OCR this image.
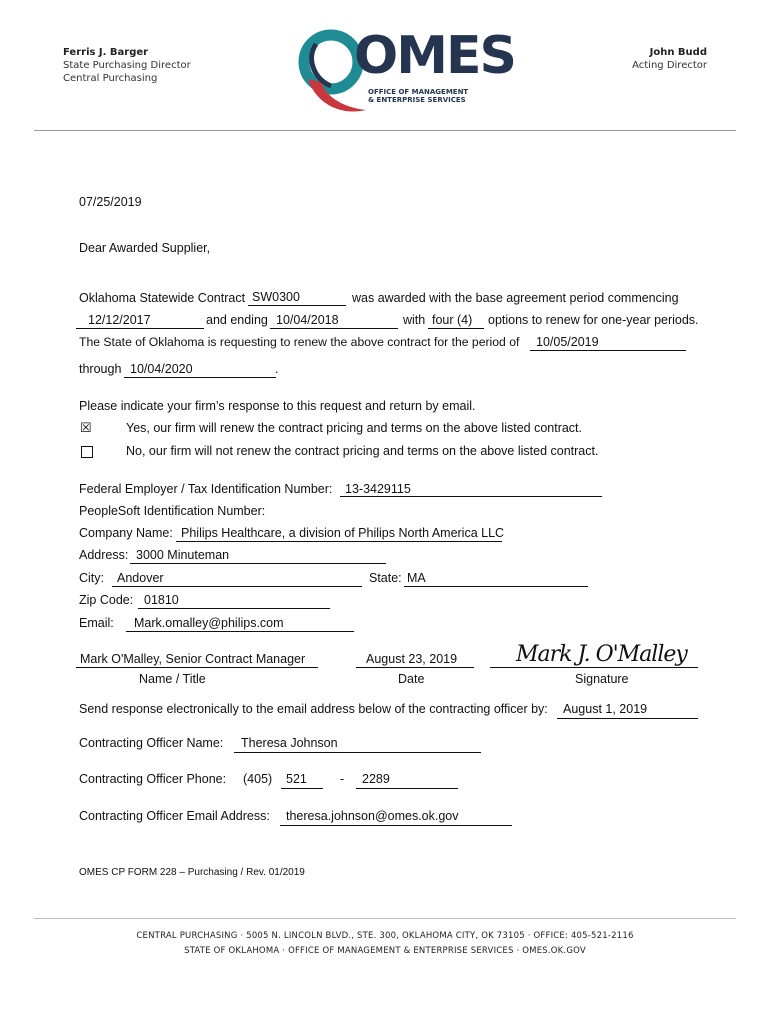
Ferris J. Barger
State Purchasing Director
Central Purchasing
John Budd
Acting Director
OMES
OFFICE OF MANAGEMENT
& ENTERPRISE SERVICES
07/25/2019
Dear Awarded Supplier,
Oklahoma Statewide Contract SW0300	was awarded with the base agreement period commencing
12/12/2017	and ending 10/04/2018	with four (4) options to renew for one-year periods.
The State of Oklahoma is requesting to renew the above contract for the period of 10/05/2019
through 10/04/2020	.
Please indicate your firm’s response to this request and return by email.
☒	Yes, our firm will renew the contract pricing and terms on the above listed contract.
No, our firm will not renew the contract pricing and terms on the above listed contract.
Federal Employer / Tax Identification Number: 13-3429115
PeopleSoft Identification Number:
Company Name: Philips Healthcare, a division of Philips North America LLC
Address: 3000 Minuteman
City: Andover	State: MA
Zip Code: 01810
Email: Mark.omalley@philips.com
Mark O'Malley, Senior Contract Manager
Name / Title
August 23, 2019
Date
Mark J. O'Malley
Signature
Send response electronically to the email address below of the contracting officer by: August 1, 2019
Contracting Officer Name: Theresa Johnson
Contracting Officer Phone: (405) 521	- 2289
Contracting Officer Email Address: theresa.johnson@omes.ok.gov
OMES CP FORM 228 – Purchasing / Rev. 01/2019
CENTRAL PURCHASING · 5005 N. LINCOLN BLVD., STE. 300, OKLAHOMA CITY, OK 73105 · OFFICE: 405-521-2116
STATE OF OKLAHOMA · OFFICE OF MANAGEMENT & ENTERPRISE SERVICES · OMES.OK.GOV
